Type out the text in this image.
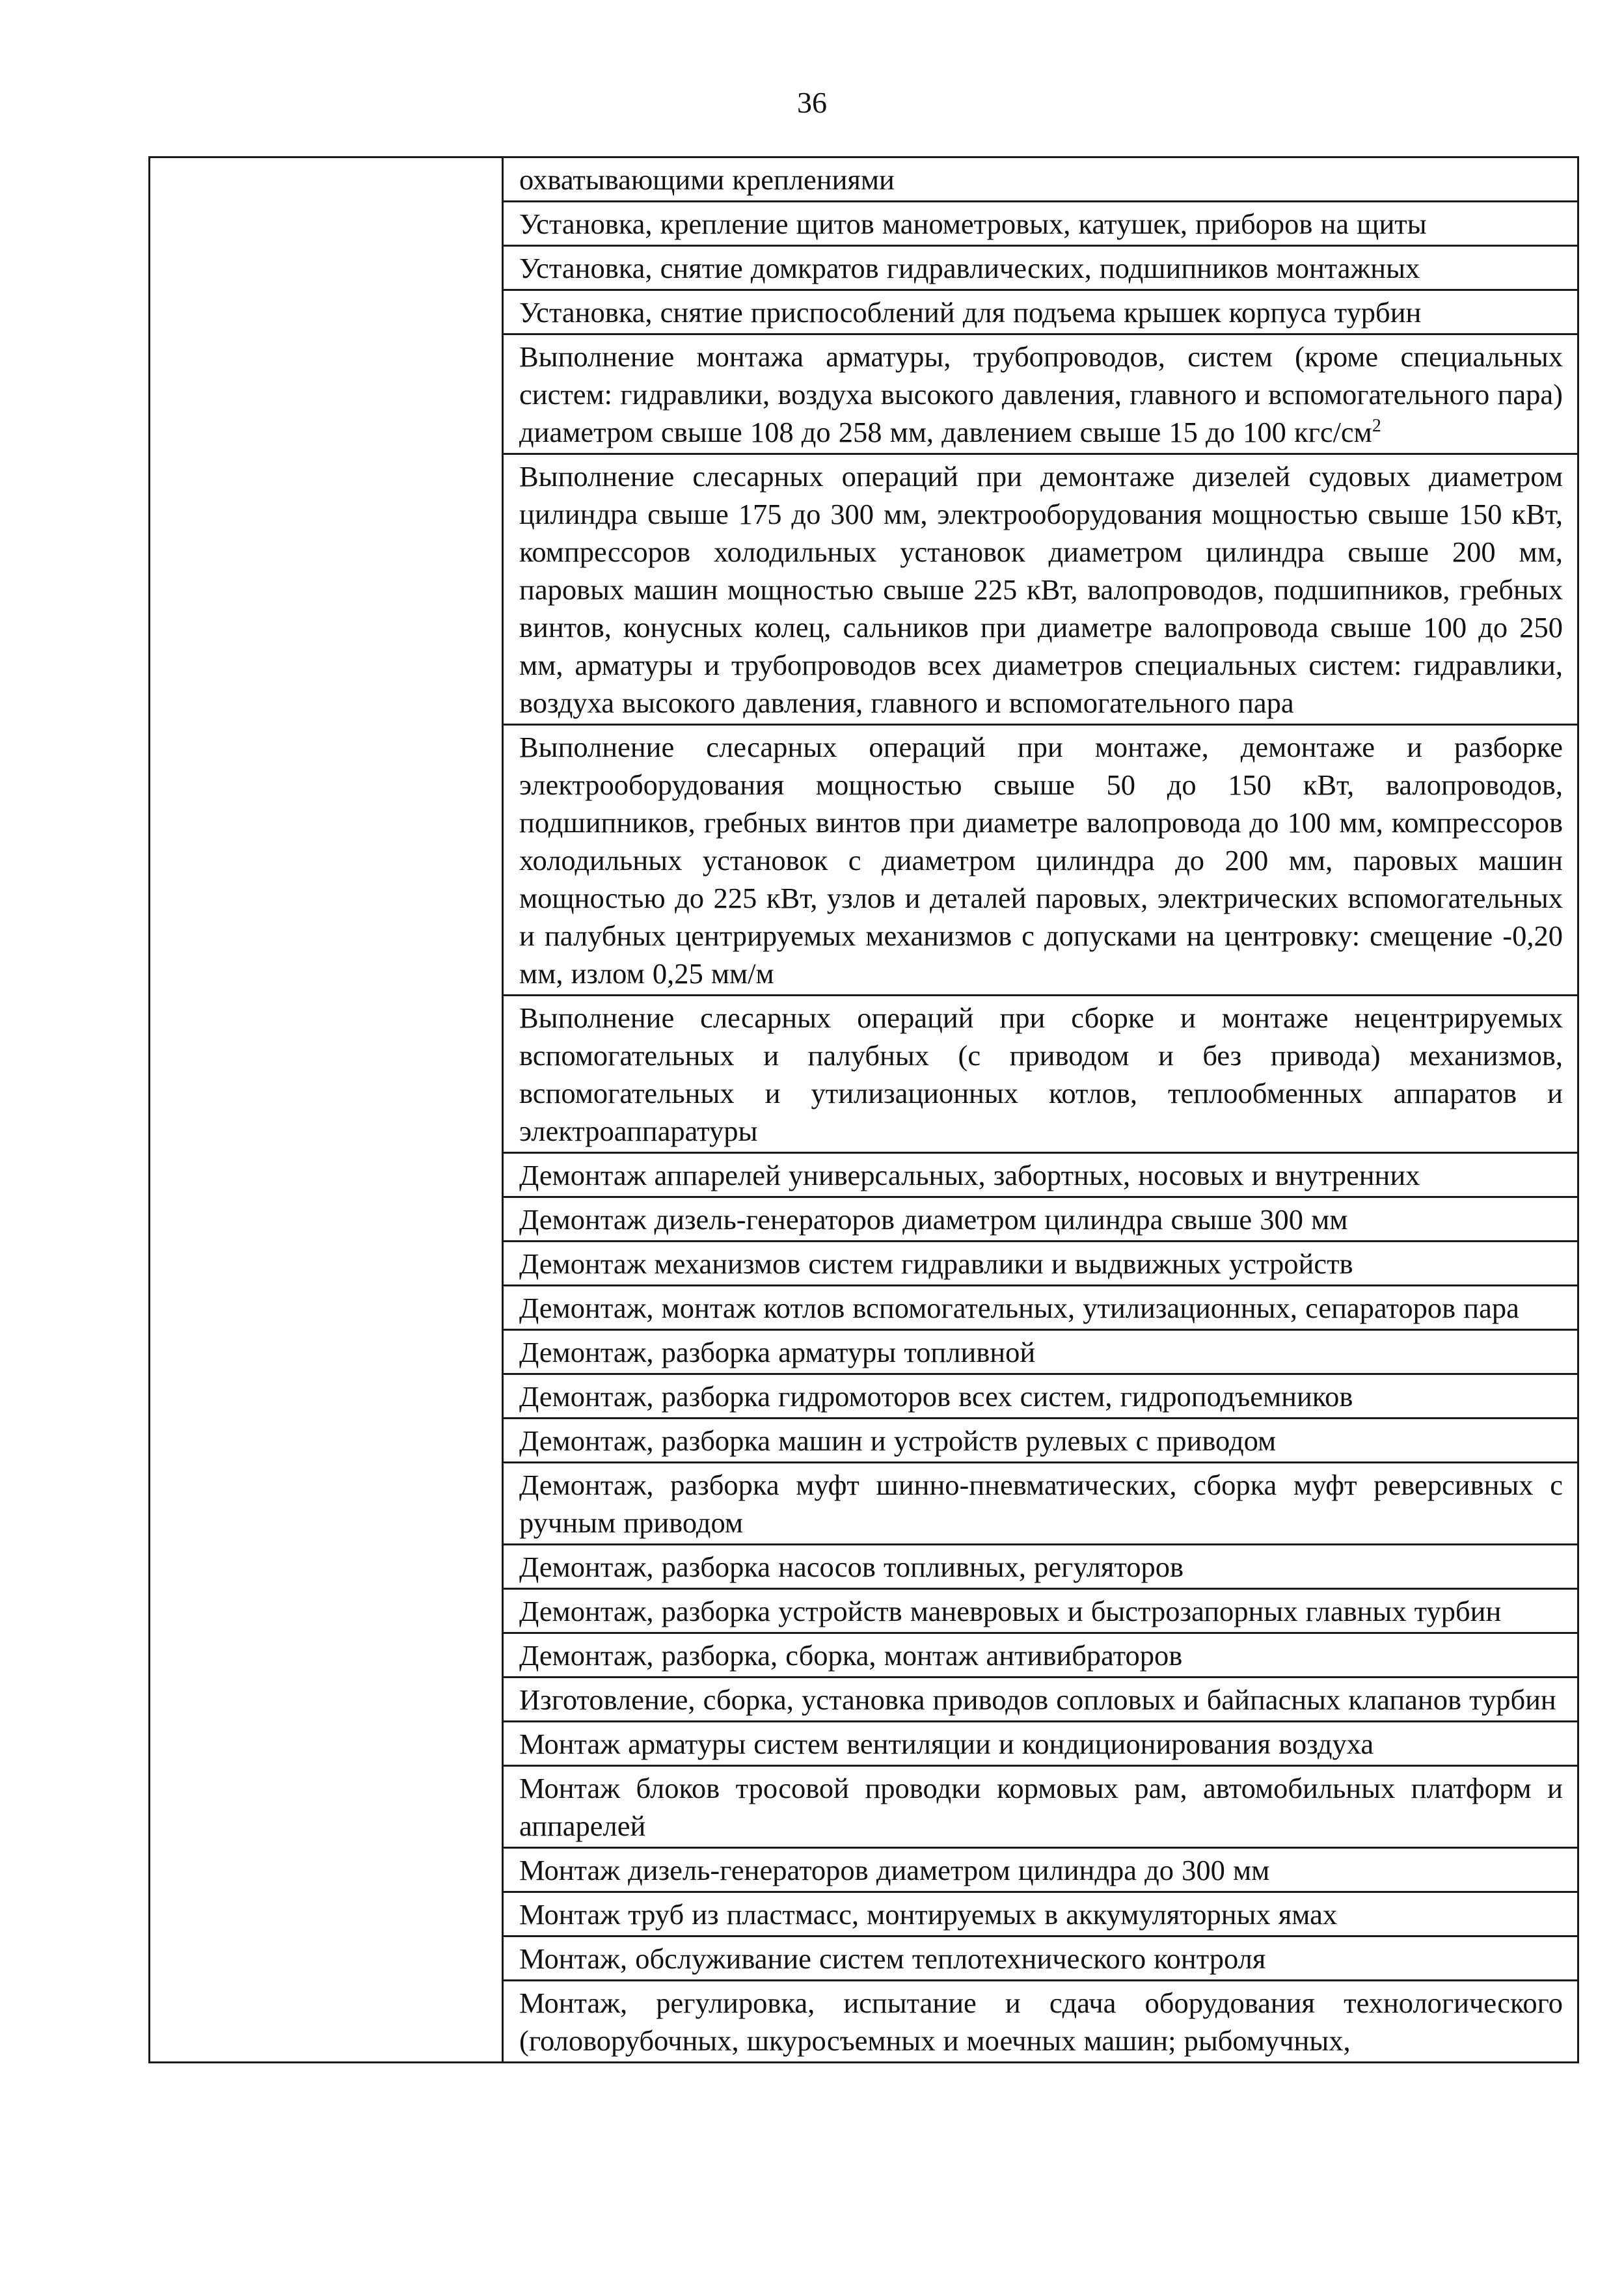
36
	охватывающими креплениями
Установка, крепление щитов манометровых, катушек, приборов на щиты
Установка, снятие домкратов гидравлических, подшипников монтажных
Установка, снятие приспособлений для подъема крышек корпуса турбин
Выполнение монтажа арматуры, трубопроводов, систем (кроме специальных систем: гидравлики, воздуха высокого давления, главного и вспомогательного пара) диаметром свыше 108 до 258 мм, давлением свыше 15 до 100 кгс/$см^2$
Выполнение слесарных операций при демонтаже дизелей судовых диаметром цилиндра свыше 175 до 300 мм, электрооборудования мощностью свыше 150 кВт, компрессоров холодильных установок диаметром цилиндра свыше 200 мм, паровых машин мощностью свыше 225 кВт, валопроводов, подшипников, гребных винтов, конусных колец, сальников при диаметре валопровода свыше 100 до 250 мм, арматуры и трубопроводов всех диаметров специальных систем: гидравлики, воздуха высокого давления, главного и вспомогательного пара
Выполнение слесарных операций при монтаже, демонтаже и разборке электрооборудования мощностью свыше 50 до 150 кВт, валопроводов, подшипников, гребных винтов при диаметре валопровода до 100 мм, компрессоров холодильных установок с диаметром цилиндра до 200 мм, паровых машин мощностью до 225 кВт, узлов и деталей паровых, электрических вспомогательных и палубных центрируемых механизмов с допусками на центровку: смещение -0,20 мм, излом 0,25 мм/м
Выполнение слесарных операций при сборке и монтаже нецентрируемых вспомогательных и палубных (с приводом и без привода) механизмов, вспомогательных и утилизационных котлов, теплообменных аппаратов и электроаппаратуры
Демонтаж аппарелей универсальных, забортных, носовых и внутренних
Демонтаж дизель-генераторов диаметром цилиндра свыше 300 мм
Демонтаж механизмов систем гидравлики и выдвижных устройств
Демонтаж, монтаж котлов вспомогательных, утилизационных, сепараторов пара
Демонтаж, разборка арматуры топливной
Демонтаж, разборка гидромоторов всех систем, гидроподъемников
Демонтаж, разборка машин и устройств рулевых с приводом
Демонтаж, разборка муфт шинно-пневматических, сборка муфт реверсивных с ручным приводом
Демонтаж, разборка насосов топливных, регуляторов
Демонтаж, разборка устройств маневровых и быстрозапорных главных турбин
Демонтаж, разборка, сборка, монтаж антивибраторов
Изготовление, сборка, установка приводов сопловых и байпасных клапанов турбин
Монтаж арматуры систем вентиляции и кондиционирования воздуха
Монтаж блоков тросовой проводки кормовых рам, автомобильных платформ и аппарелей
Монтаж дизель-генераторов диаметром цилиндра до 300 мм
Монтаж труб из пластмасс, монтируемых в аккумуляторных ямах
Монтаж, обслуживание систем теплотехнического контроля
Монтаж, регулировка, испытание и сдача оборудования технологического (головорубочных, шкуросъемных и моечных машин; рыбомучных,
